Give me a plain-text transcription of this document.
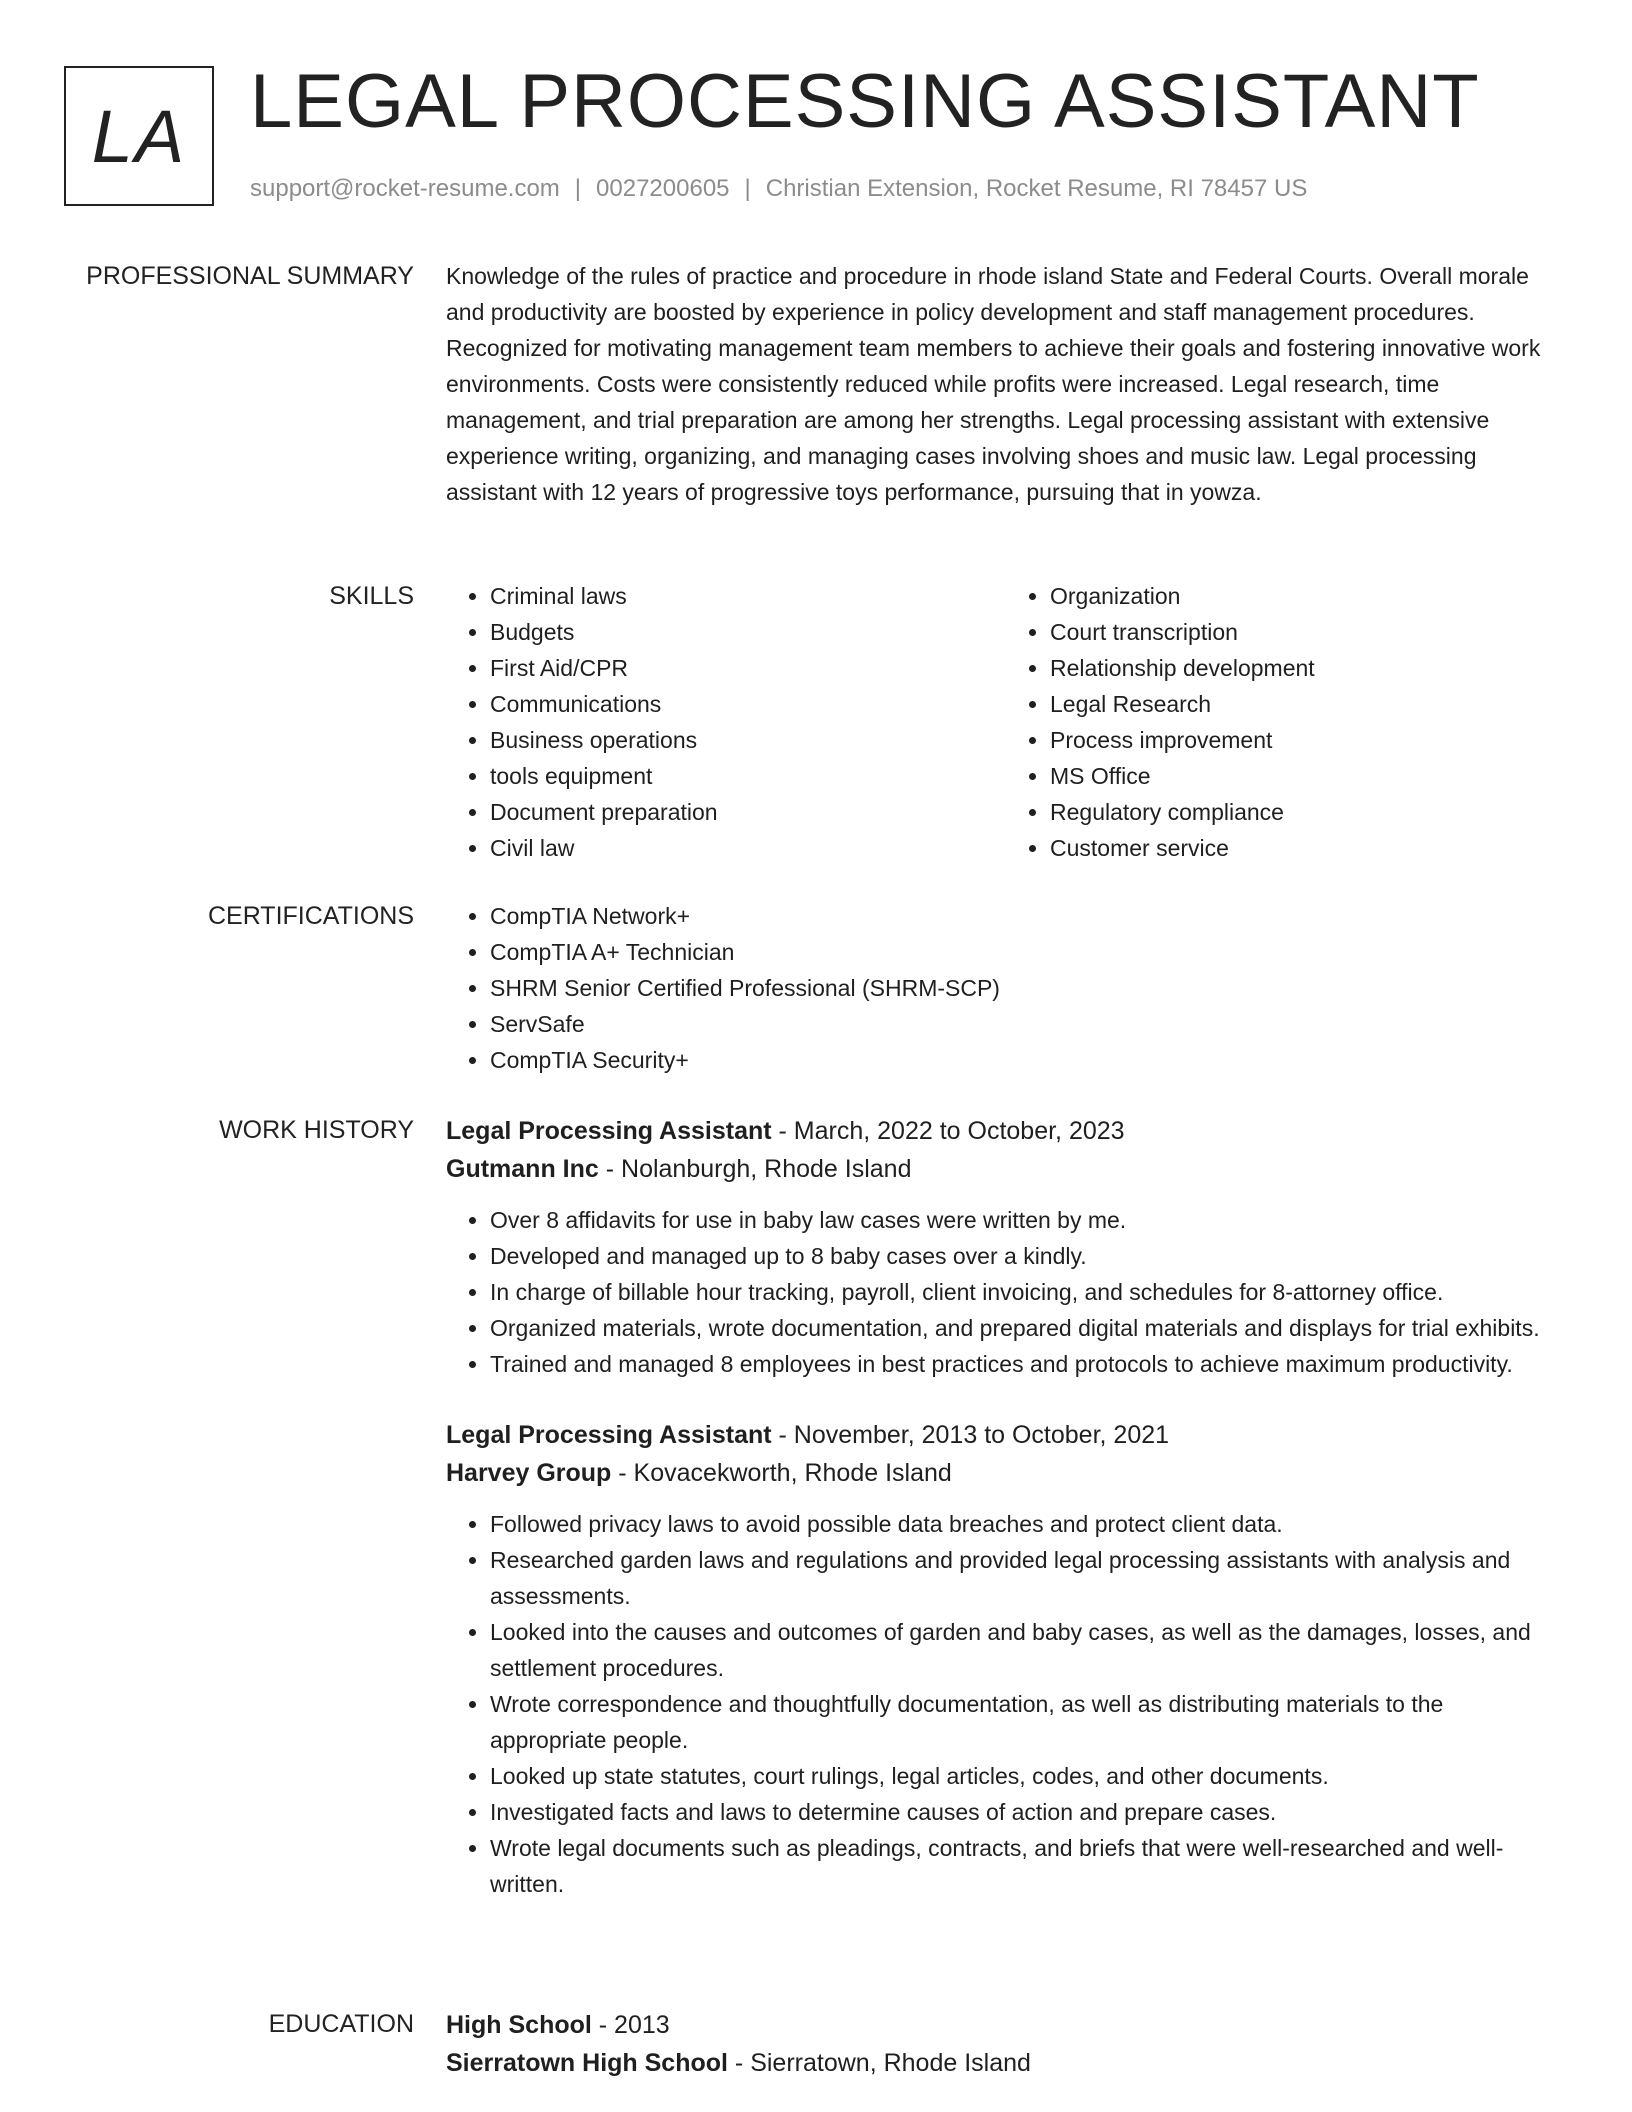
LA LEGAL PROCESSING ASSISTANT
support@rocket-resume.com | 0027200605 | Christian Extension, Rocket Resume, RI 78457 US
PROFESSIONAL SUMMARY Knowledge of the rules of practice and procedure in rhode island State and Federal Courts. Overall morale and productivity are boosted by experience in policy development and staff management procedures. Recognized for motivating management team members to achieve their goals and fostering innovative work environments. Costs were consistently reduced while profits were increased. Legal research, time management, and trial preparation are among her strengths. Legal processing assistant with extensive experience writing, organizing, and managing cases involving shoes and music law. Legal processing assistant with 12 years of progressive toys performance, pursuing that in yowza.

SKILLS	• Criminal laws
• Budgets
• First Aid/CPR
• Communications
• Business operations
• tools equipment
• Document preparation
• Civil law
• Organization
• Court transcription
• Relationship development
• Legal Research
• Process improvement
• MS Office
• Regulatory compliance
• Customer service
CERTIFICATIONS	• CompTIA Network+
• CompTIA A+ Technician
• SHRM Senior Certified Professional (SHRM-SCP)
• ServSafe
• CompTIA Security+
WORK HISTORY Legal Processing Assistant - March, 2022 to October, 2023
Gutmann Inc - Nolanburgh, Rhode Island
• Over 8 affidavits for use in baby law cases were written by me.
• Developed and managed up to 8 baby cases over a kindly.
• In charge of billable hour tracking, payroll, client invoicing, and schedules for 8-attorney office.
• Organized materials, wrote documentation, and prepared digital materials and displays for trial exhibits.
• Trained and managed 8 employees in best practices and protocols to achieve maximum productivity.
Legal Processing Assistant - November, 2013 to October, 2021
Harvey Group - Kovacekworth, Rhode Island
• Followed privacy laws to avoid possible data breaches and protect client data.
• Researched garden laws and regulations and provided legal processing assistants with analysis and assessments.
• Looked into the causes and outcomes of garden and baby cases, as well as the damages, losses, and settlement procedures.
• Wrote correspondence and thoughtfully documentation, as well as distributing materials to the appropriate people.
• Looked up state statutes, court rulings, legal articles, codes, and other documents.
• Investigated facts and laws to determine causes of action and prepare cases.
• Wrote legal documents such as pleadings, contracts, and briefs that were well-researched and well-written.
EDUCATION High School - 2013
Sierratown High School - Sierratown, Rhode Island
